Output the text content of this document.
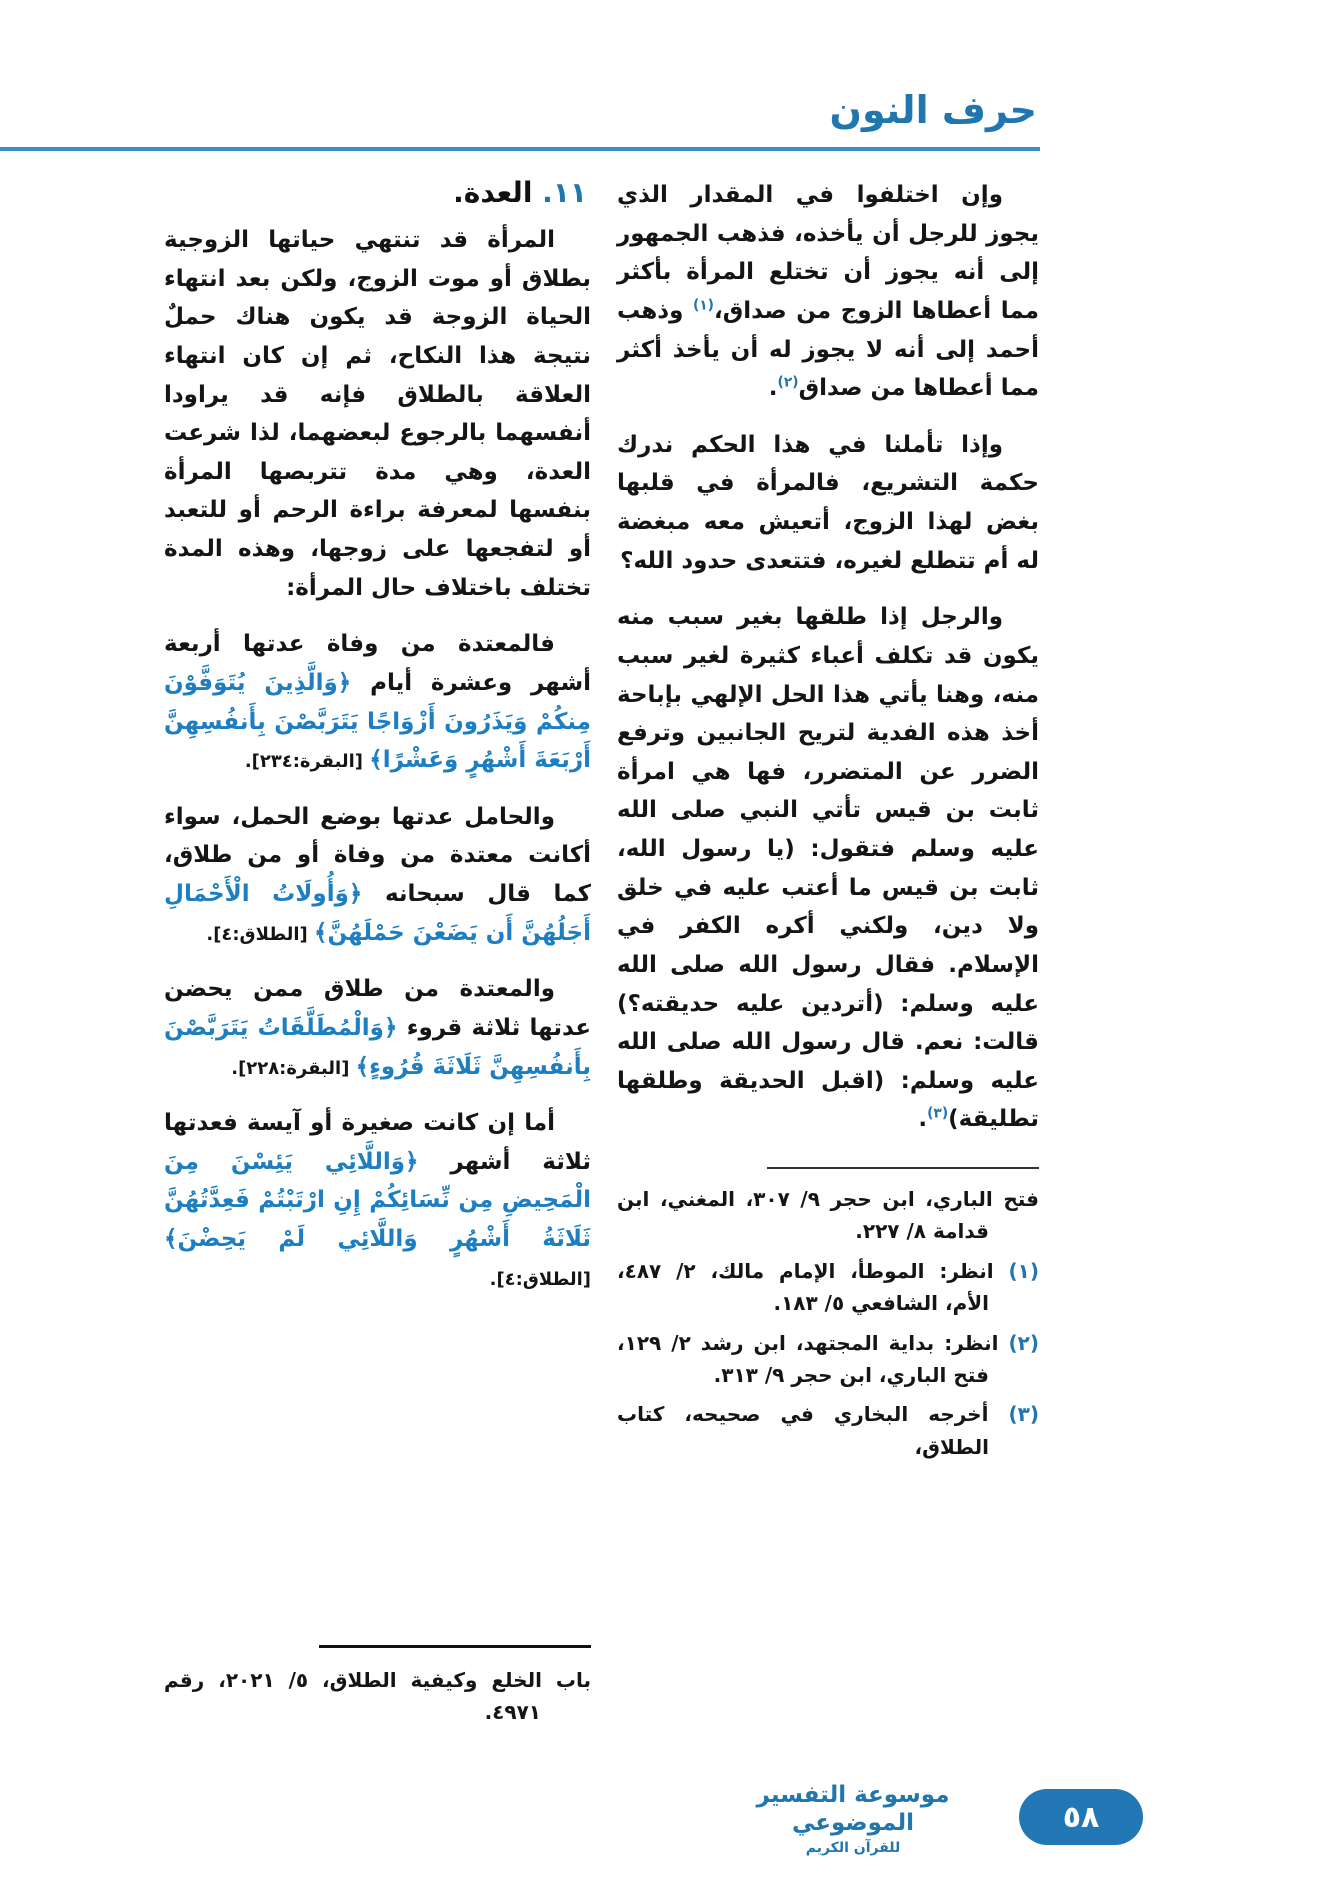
حرف النون

وإن اختلفوا في المقدار الذي يجوز للرجل أن يأخذه، فذهب الجمهور إلى أنه يجوز أن تختلع المرأة بأكثر مما أعطاها الزوج من صداق،$^{(١)}$ وذهب أحمد إلى أنه لا يجوز له أن يأخذ أكثر مما أعطاها من صداق$^{(٢)}$.

وإذا تأملنا في هذا الحكم ندرك حكمة التشريع، فالمرأة في قلبها بغض لهذا الزوج، أتعيش معه مبغضة له أم تتطلع لغيره، فتتعدى حدود الله؟

والرجل إذا طلقها بغير سبب منه يكون قد تكلف أعباء كثيرة لغير سبب منه، وهنا يأتي هذا الحل الإلهي بإباحة أخذ هذه الفدية لتريح الجانبين وترفع الضرر عن المتضرر، فها هي امرأة ثابت بن قيس تأتي النبي صلى الله عليه وسلم فتقول: (يا رسول الله، ثابت بن قيس ما أعتب عليه في خلق ولا دين، ولكني أكره الكفر في الإسلام. فقال رسول الله صلى الله عليه وسلم: (أتردين عليه حديقته؟) قالت: نعم. قال رسول الله صلى الله عليه وسلم: (اقبل الحديقة وطلقها تطليقة)$^{(٣)}$.

فتح الباري، ابن حجر ٩/ ٣٠٧، المغني، ابن قدامة ٨/ ٢٢٧.

(١) انظر: الموطأ، الإمام مالك، ٢/ ٤٨٧، الأم، الشافعي ٥/ ١٨٣.

(٢) انظر: بداية المجتهد، ابن رشد ٢/ ١٢٩، فتح الباري، ابن حجر ٩/ ٣١٣.

(٣) أخرجه البخاري في صحيحه، كتاب الطلاق،

١١. العدة.

المرأة قد تنتهي حياتها الزوجية بطلاق أو موت الزوج، ولكن بعد انتهاء الحياة الزوجة قد يكون هناك حملٌ نتيجة هذا النكاح، ثم إن كان انتهاء العلاقة بالطلاق فإنه قد يراودا أنفسهما بالرجوع لبعضهما، لذا شرعت العدة، وهي مدة تتربصها المرأة بنفسها لمعرفة براءة الرحم أو للتعبد أو لتفجعها على زوجها، وهذه المدة تختلف باختلاف حال المرأة:

فالمعتدة من وفاة عدتها أربعة أشهر وعشرة أيام ﴿وَالَّذِينَ يُتَوَفَّوْنَ مِنكُمْ وَيَذَرُونَ أَزْوَاجًا يَتَرَبَّصْنَ بِأَنفُسِهِنَّ أَرْبَعَةَ أَشْهُرٍ وَعَشْرًا﴾ [البقرة:٢٣٤].

والحامل عدتها بوضع الحمل، سواء أكانت معتدة من وفاة أو من طلاق، كما قال سبحانه ﴿وَأُولَاتُ الْأَحْمَالِ أَجَلُهُنَّ أَن يَضَعْنَ حَمْلَهُنَّ﴾ [الطلاق:٤].

والمعتدة من طلاق ممن يحضن عدتها ثلاثة قروء ﴿وَالْمُطَلَّقَاتُ يَتَرَبَّصْنَ بِأَنفُسِهِنَّ ثَلَاثَةَ قُرُوءٍ﴾ [البقرة:٢٢٨].

أما إن كانت صغيرة أو آيسة فعدتها ثلاثة أشهر ﴿وَاللَّائِي يَئِسْنَ مِنَ الْمَحِيضِ مِن نِّسَائِكُمْ إِنِ ارْتَبْتُمْ فَعِدَّتُهُنَّ ثَلَاثَةُ أَشْهُرٍ وَاللَّائِي لَمْ يَحِضْنَ﴾ [الطلاق:٤].

باب الخلع وكيفية الطلاق، ٥/ ٢٠٢١، رقم ٤٩٧١.

موسوعة التفسير الموضوعي
للقرآن الكريم
٥٨
